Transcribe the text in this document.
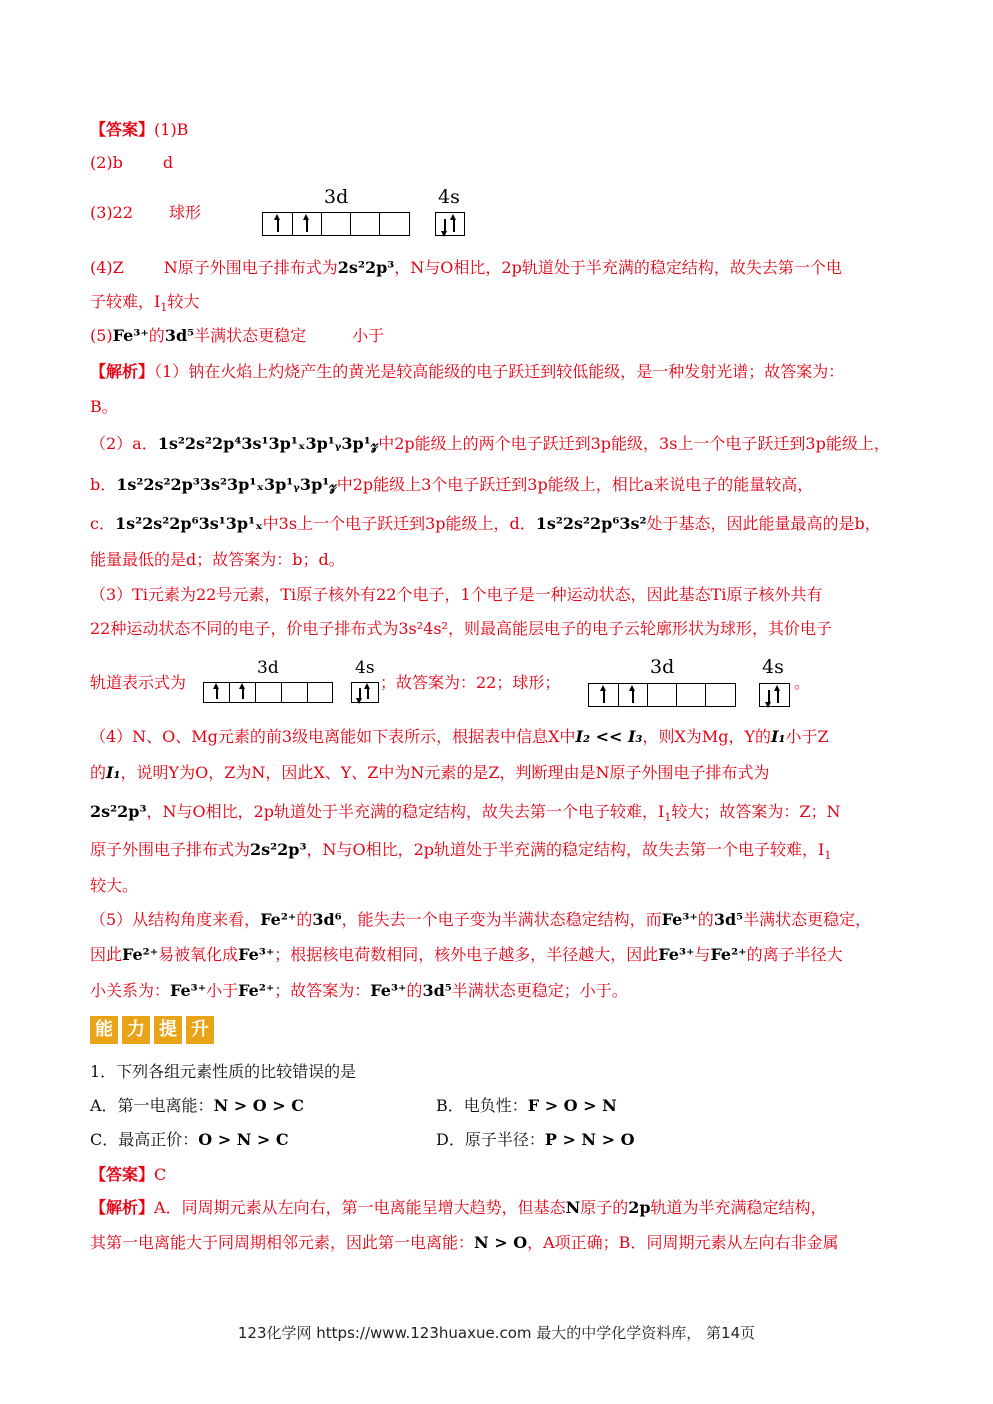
【答案】(1)B
(2)b	d
(3)22 球形
3d	4s
(4)Z	N原子外围电子排布式为2s²2p³，N与O相比，2p轨道处于半充满的稳定结构，故失去第一个电
子较难，$I_1$较大
(5)Fe³⁺的3d⁵半满状态更稳定	小于
【解析】（1）钠在火焰上灼烧产生的黄光是较高能级的电子跃迁到较低能级，是一种发射光谱；故答案为：
B。
（2）a．1s²2s²2p⁴3s¹3p¹ₓ3p¹ᵧ3p¹𝓏中2p能级上的两个电子跃迁到3p能级，3s上一个电子跃迁到3p能级上，
b．1s²2s²2p³3s²3p¹ₓ3p¹ᵧ3p¹𝓏中2p能级上3个电子跃迁到3p能级上，相比a来说电子的能量较高，
c．1s²2s²2p⁶3s¹3p¹ₓ中3s上一个电子跃迁到3p能级上，d．1s²2s²2p⁶3s²处于基态，因此能量最高的是b，
能量最低的是d；故答案为：b；d。
（3）Ti元素为22号元素，Ti原子核外有22个电子，1个电子是一种运动状态，因此基态Ti原子核外共有
22种运动状态不同的电子，价电子排布式为3s²4s²，则最高能层电子的电子云轮廓形状为球形，其价电子
轨道表示式为	；故答案为：22；球形；	。
3d	4s	3d	4s
（4）N、O、Mg元素的前3级电离能如下表所示，根据表中信息X中I₂ << I₃，则X为Mg，Y的I₁小于Z
的I₁，说明Y为O，Z为N，因此X、Y、Z中为N元素的是Z，判断理由是N原子外围电子排布式为
2s²2p³，N与O相比，2p轨道处于半充满的稳定结构，故失去第一个电子较难，$I_1$较大；故答案为：Z；N
原子外围电子排布式为2s²2p³，N与O相比，2p轨道处于半充满的稳定结构，故失去第一个电子较难，$I_1$
较大。
（5）从结构角度来看，Fe²⁺的3d⁶，能失去一个电子变为半满状态稳定结构，而Fe³⁺的3d⁵半满状态更稳定，
因此Fe²⁺易被氧化成Fe³⁺；根据核电荷数相同，核外电子越多，半径越大，因此Fe³⁺与Fe²⁺的离子半径大
小关系为：Fe³⁺小于Fe²⁺；故答案为：Fe³⁺的3d⁵半满状态更稳定；小于。
能 力 提 升
1．下列各组元素性质的比较错误的是
A．第一电离能：N > O > C	B．电负性：F > O > N
C．最高正价：O > N > C	D．原子半径：P > N > O
【答案】C
【解析】A．同周期元素从左向右，第一电离能呈增大趋势，但基态N原子的2p轨道为半充满稳定结构，
其第一电离能大于同周期相邻元素，因此第一电离能：N > O，A项正确；B．同周期元素从左向右非金属
123化学网 https://www.123huaxue.com 最大的中学化学资料库， 第14页
